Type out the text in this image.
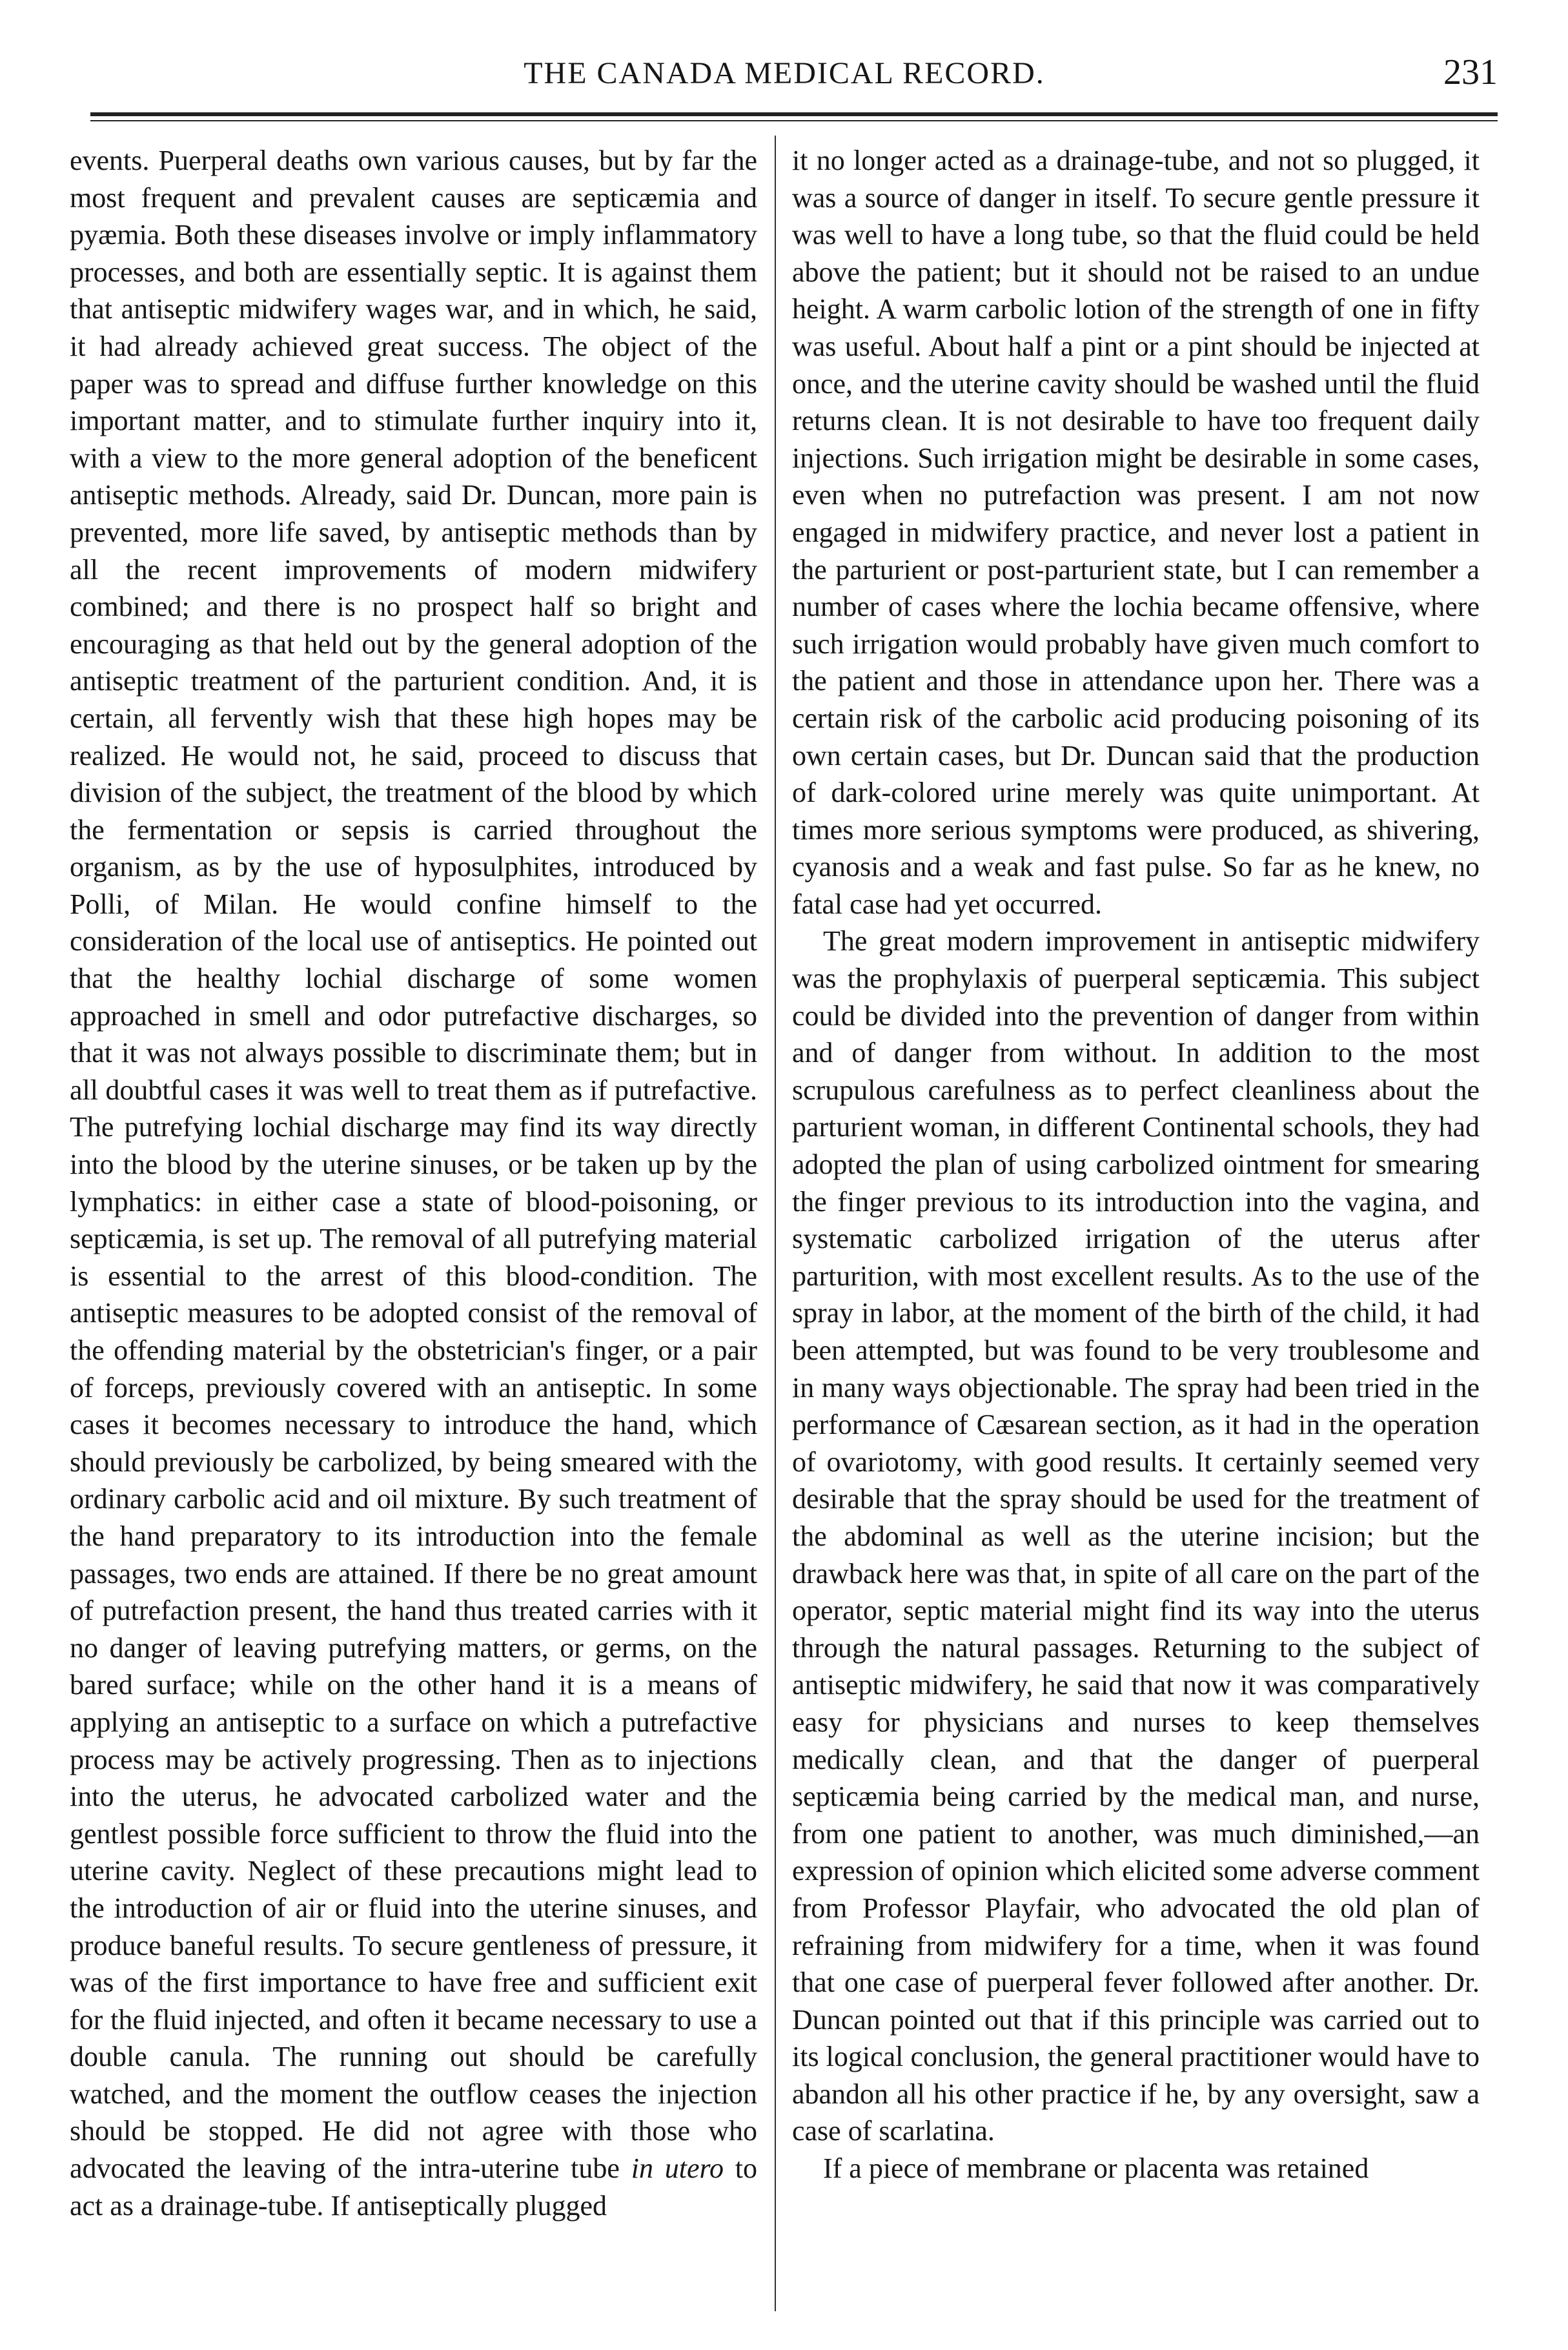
THE CANADA MEDICAL RECORD.	231

events. Puerperal deaths own various causes, but by far the most frequent and prevalent causes are septicæmia and pyæmia. Both these diseases involve or imply inflammatory processes, and both are essentially septic. It is against them that antiseptic midwifery wages war, and in which, he said, it had already achieved great success. The object of the paper was to spread and diffuse further knowledge on this important matter, and to stimulate further inquiry into it, with a view to the more general adoption of the beneficent antiseptic methods. Already, said Dr. Duncan, more pain is prevented, more life saved, by antiseptic methods than by all the recent improvements of modern midwifery combined; and there is no prospect half so bright and encouraging as that held out by the general adoption of the antiseptic treatment of the parturient condition. And, it is certain, all fervently wish that these high hopes may be realized. He would not, he said, proceed to discuss that division of the subject, the treatment of the blood by which the fermentation or sepsis is carried throughout the organism, as by the use of hyposulphites, introduced by Polli, of Milan. He would confine himself to the consideration of the local use of antiseptics. He pointed out that the healthy lochial discharge of some women approached in smell and odor putrefactive discharges, so that it was not always possible to discriminate them; but in all doubtful cases it was well to treat them as if putrefactive. The putrefying lochial discharge may find its way directly into the blood by the uterine sinuses, or be taken up by the lymphatics: in either case a state of blood-poisoning, or septicæmia, is set up. The removal of all putrefying material is essential to the arrest of this blood-condition. The antiseptic measures to be adopted consist of the removal of the offending material by the obstetrician's finger, or a pair of forceps, previously covered with an antiseptic. In some cases it becomes necessary to introduce the hand, which should previously be carbolized, by being smeared with the ordinary carbolic acid and oil mixture. By such treatment of the hand preparatory to its introduction into the female passages, two ends are attained. If there be no great amount of putrefaction present, the hand thus treated carries with it no danger of leaving putrefying matters, or germs, on the bared surface; while on the other hand it is a means of applying an antiseptic to a surface on which a putrefactive process may be actively progressing. Then as to injections into the uterus, he advocated carbolized water and the gentlest possible force sufficient to throw the fluid into the uterine cavity. Neglect of these precautions might lead to the introduction of air or fluid into the uterine sinuses, and produce baneful results. To secure gentleness of pressure, it was of the first importance to have free and sufficient exit for the fluid injected, and often it became necessary to use a double canula. The running out should be carefully watched, and the moment the outflow ceases the injection should be stopped. He did not agree with those who advocated the leaving of the intra-uterine tube in utero to act as a drainage-tube. If antiseptically plugged

it no longer acted as a drainage-tube, and not so plugged, it was a source of danger in itself. To secure gentle pressure it was well to have a long tube, so that the fluid could be held above the patient; but it should not be raised to an undue height. A warm carbolic lotion of the strength of one in fifty was useful. About half a pint or a pint should be injected at once, and the uterine cavity should be washed until the fluid returns clean. It is not desirable to have too frequent daily injections. Such irrigation might be desirable in some cases, even when no putrefaction was present. I am not now engaged in midwifery practice, and never lost a patient in the parturient or post-parturient state, but I can remember a number of cases where the lochia became offensive, where such irrigation would probably have given much comfort to the patient and those in attendance upon her. There was a certain risk of the carbolic acid producing poisoning of its own certain cases, but Dr. Duncan said that the production of dark-colored urine merely was quite unimportant. At times more serious symptoms were produced, as shivering, cyanosis and a weak and fast pulse. So far as he knew, no fatal case had yet occurred.

The great modern improvement in antiseptic midwifery was the prophylaxis of puerperal septicæmia. This subject could be divided into the prevention of danger from within and of danger from without. In addition to the most scrupulous carefulness as to perfect cleanliness about the parturient woman, in different Continental schools, they had adopted the plan of using carbolized ointment for smearing the finger previous to its introduction into the vagina, and systematic carbolized irrigation of the uterus after parturition, with most excellent results. As to the use of the spray in labor, at the moment of the birth of the child, it had been attempted, but was found to be very troublesome and in many ways objectionable. The spray had been tried in the performance of Cæsarean section, as it had in the operation of ovariotomy, with good results. It certainly seemed very desirable that the spray should be used for the treatment of the abdominal as well as the uterine incision; but the drawback here was that, in spite of all care on the part of the operator, septic material might find its way into the uterus through the natural passages. Returning to the subject of antiseptic midwifery, he said that now it was comparatively easy for physicians and nurses to keep themselves medically clean, and that the danger of puerperal septicæmia being carried by the medical man, and nurse, from one patient to another, was much diminished,—an expression of opinion which elicited some adverse comment from Professor Playfair, who advocated the old plan of refraining from midwifery for a time, when it was found that one case of puerperal fever followed after another. Dr. Duncan pointed out that if this principle was carried out to its logical conclusion, the general practitioner would have to abandon all his other practice if he, by any oversight, saw a case of scarlatina.

If a piece of membrane or placenta was retained
